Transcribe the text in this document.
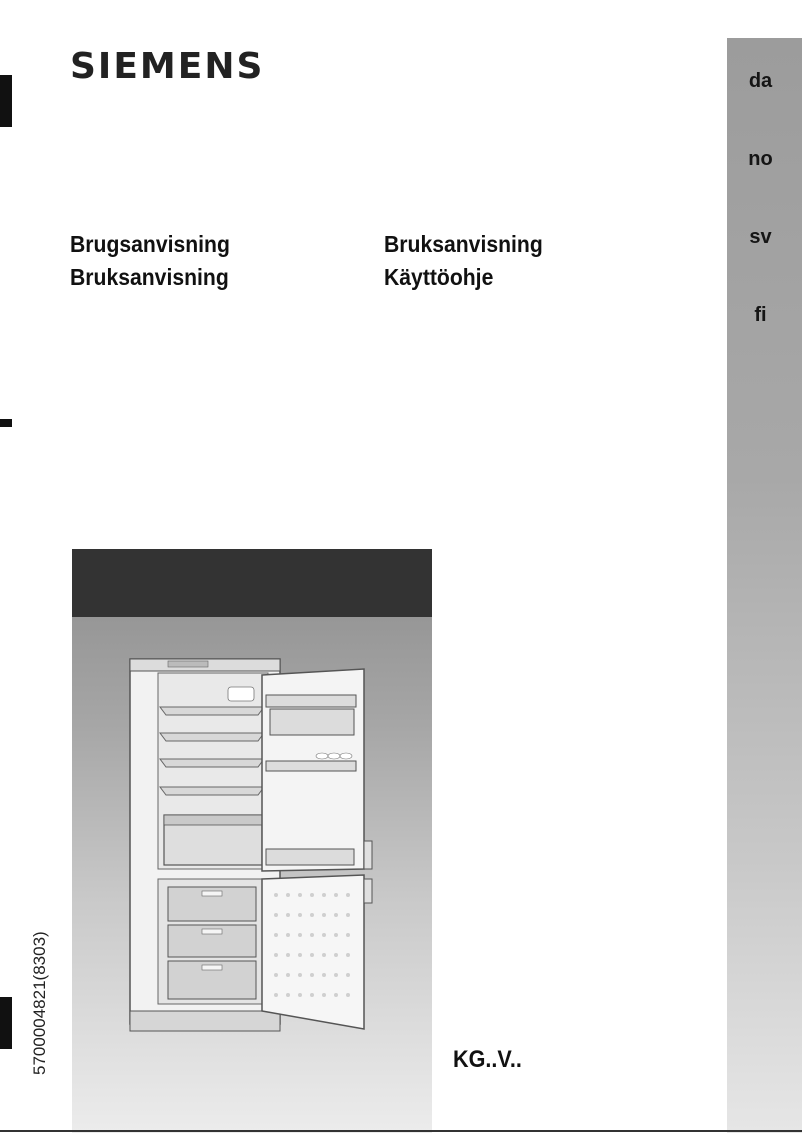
SIEMENS
Brugsanvisning
Bruksanvisning
Bruksanvisning
Käyttöohje
da
no
sv
fi
5700004821(8303)	KG..V..
